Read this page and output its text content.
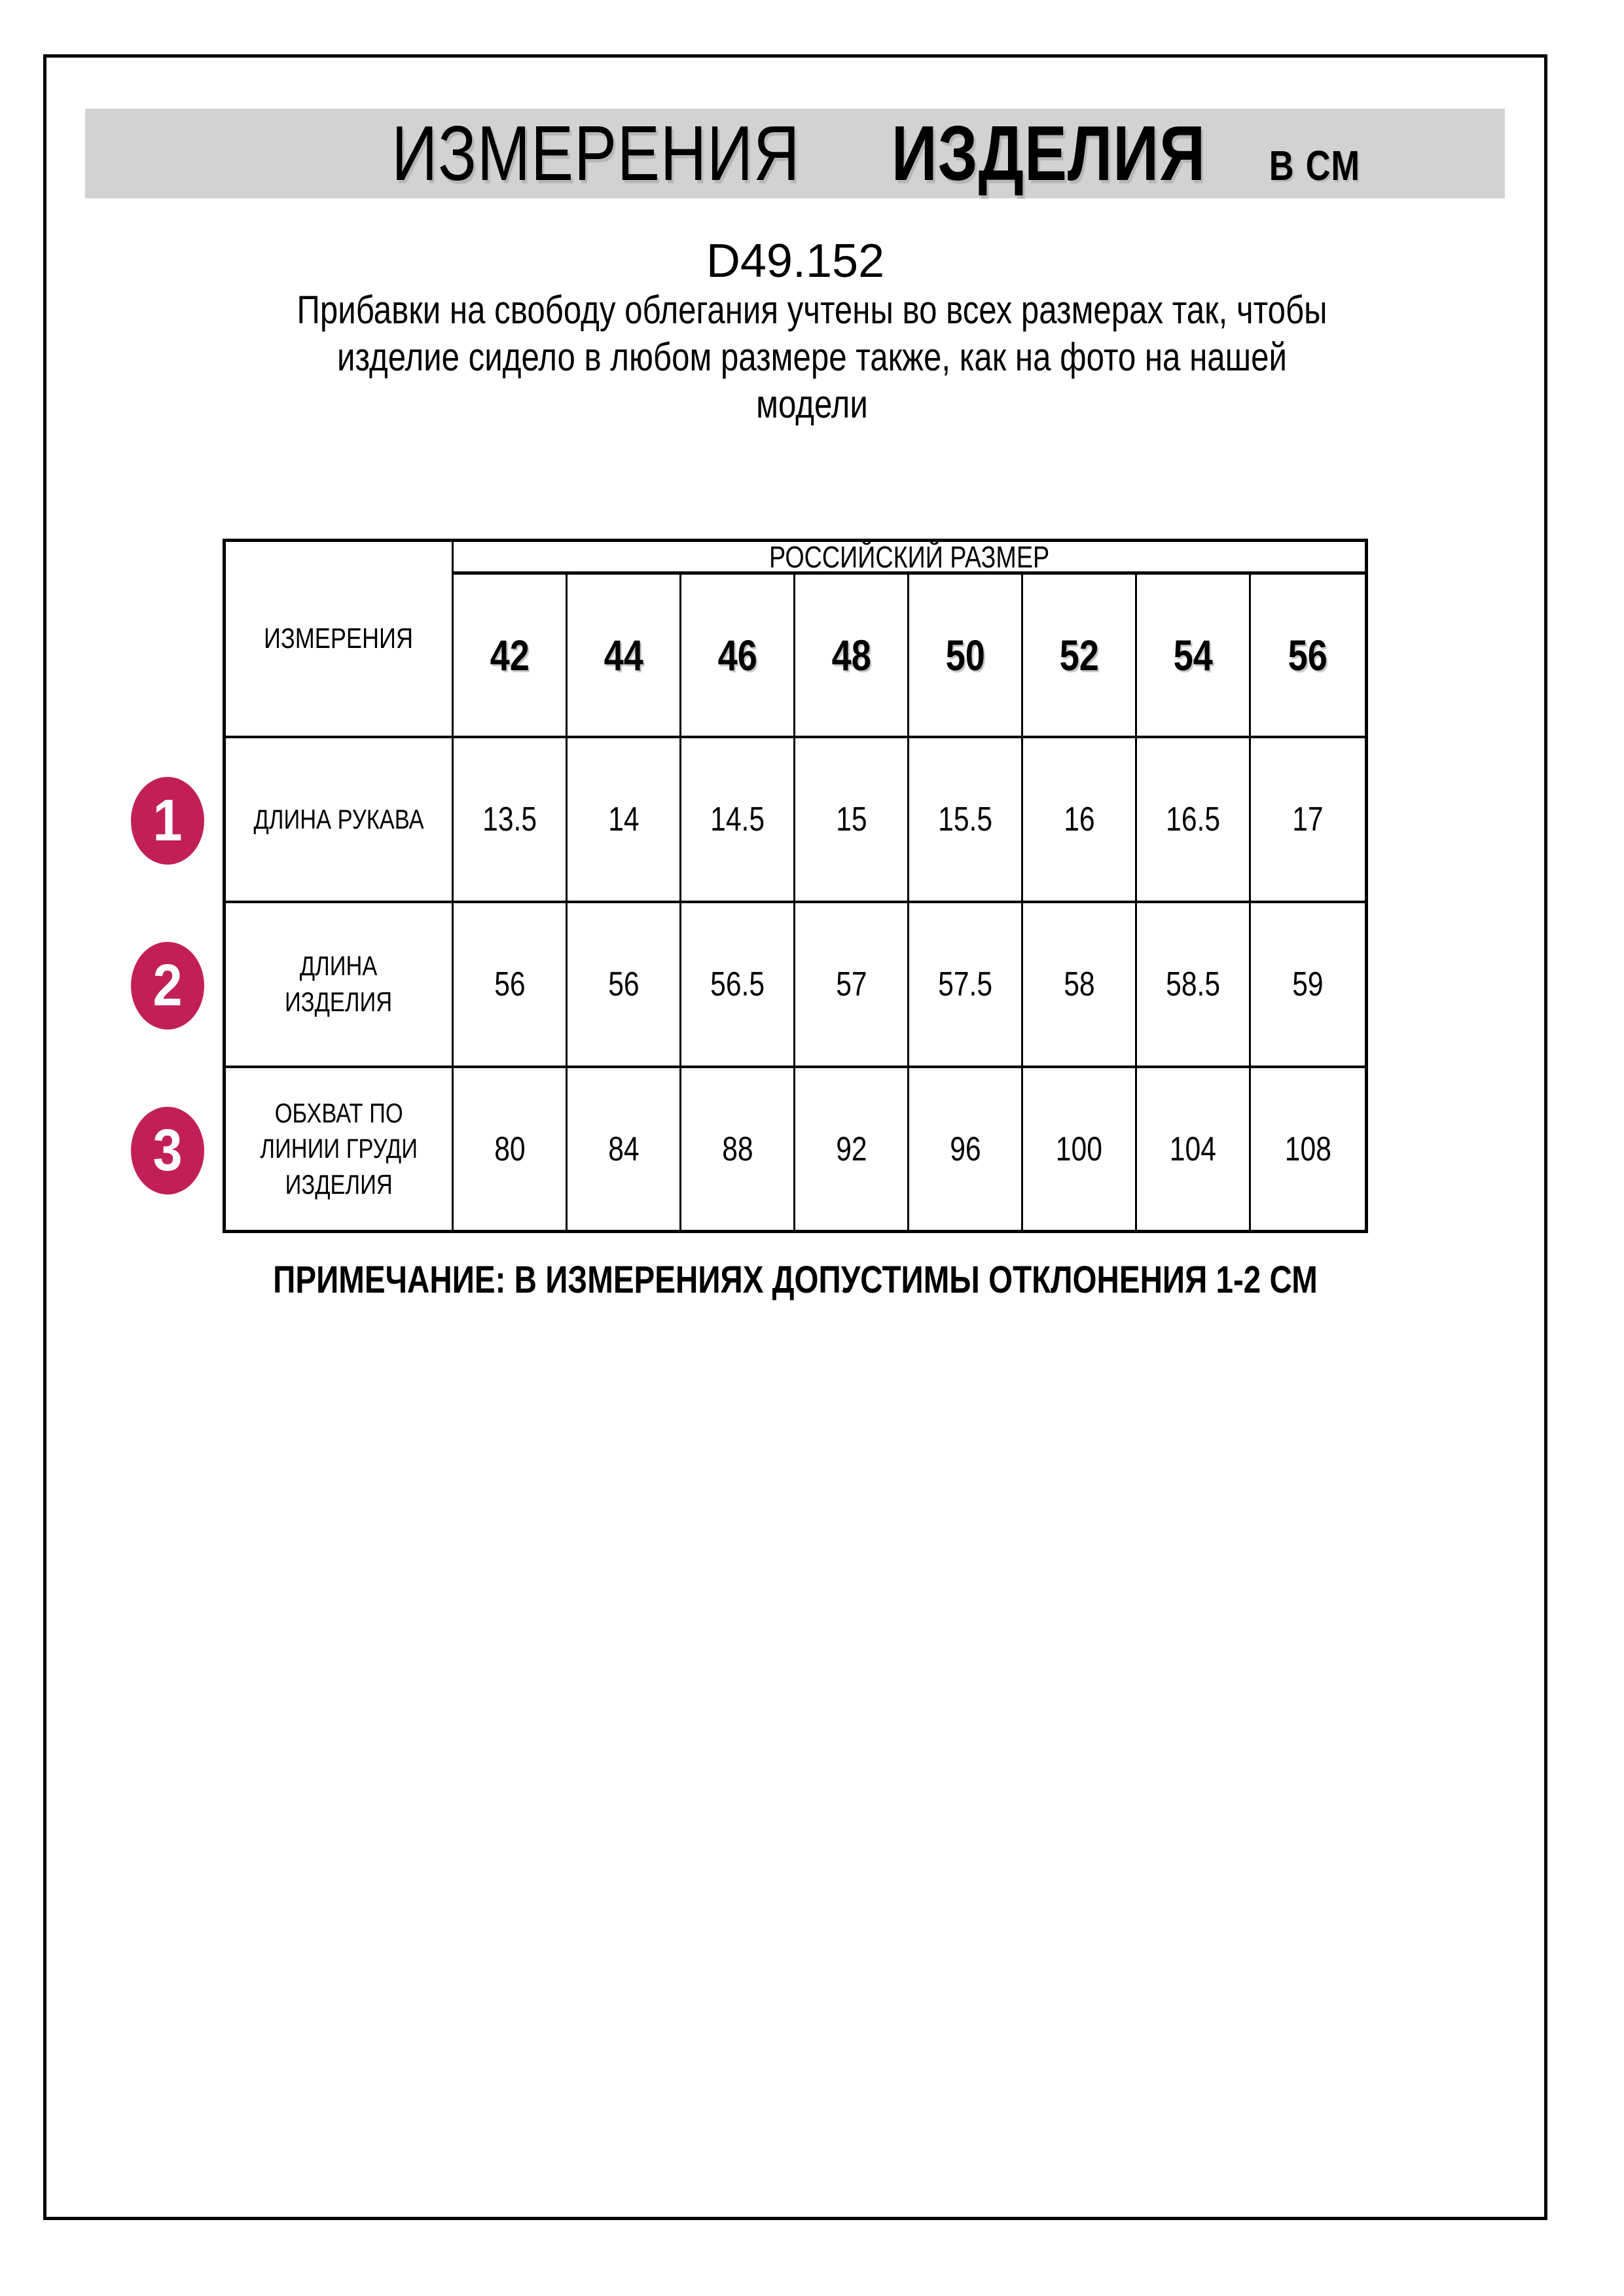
ИЗМЕРЕНИЯ ИЗДЕЛИЯ В СМ
D49.152
Прибавки на свободу облегания учтены во всех размерах так, чтобы
изделие сидело в любом размере также, как на фото на нашей
модели
ИЗМЕРЕНИЯ
РОССИЙСКИЙ РАЗМЕР
42 44 46 48 50 52 54 56
ДЛИНА РУКАВА 13.5 14 14.5 15 15.5 16 16.5 17
ДЛИНА
ИЗДЕЛИЯ	56 56 56.5 57 57.5 58 58.5 59
ОБХВАТ ПО
ЛИНИИ ГРУДИ
ИЗДЕЛИЯ
80 84 88 92 96 100 104 108
1
2
3
ПРИМЕЧАНИЕ: В ИЗМЕРЕНИЯХ ДОПУСТИМЫ ОТКЛОНЕНИЯ 1-2 СМ
